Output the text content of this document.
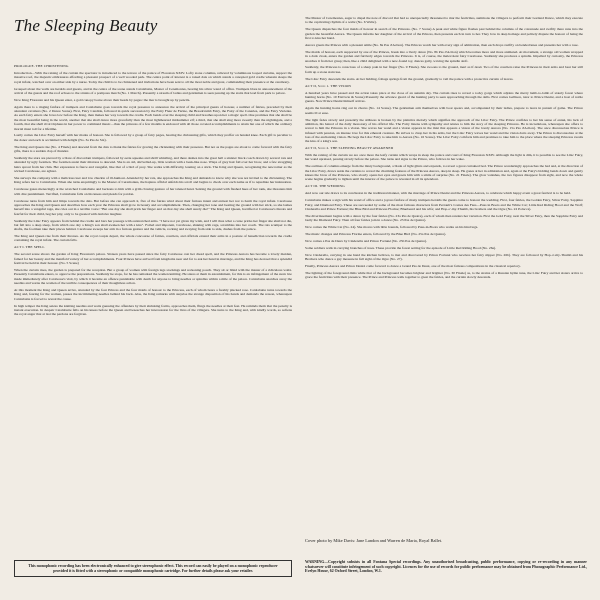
The Sleeping Beauty

PROLOGUE. THE CHRISTENING

Introduction—With the raising of the curtain the spectator is introduced to the terrace of the palace of Florestan XXIV. Lofty stone columns, relieved by voluminous looped curtains, support the massive roof, the majestic embrasures affording a pleasant prospect of a well wooded park. The centre point of interest is a raised dais on which stands a canopied gold cradle wherein sleeps the royal infant, watched over on either side by a nurse. Today the child is to be christened and invitations have been sent to all the most noble and great, commanding their presence at the ceremony.

Grouped about the walls are heralds and guests, and in the centre of the scene stands Catalabutte, Master of Ceremonies, bearing his silver wand of office. Trumpets blare in announcement of the arrival of the guests and the roof echoes to the strains of a pompous march (No. 1 March). Presently a stream of ladies and gentlemen is seen passing up the stairs that lead from park to palace.

Now King Florestan and his Queen enter, a gold canopy borne above their heads by pages: the mar is brought up by pencils.

Again there is a ringing fanfare of trumpets and Catalabutte goes towards the royal presence to announce the arrival of the principal guests of honour, a number of fairies, preceded by their attendant cavaliers (No. 2 Dance Scene). First, Fairy Candide, followed in quick succession by the Fairy Fleur de Farine, the Breadcrumb Fairy, the Fairy of the Canaries, and the Fairy Violente. As each fairy enters she bows low before the King, then makes her way towards the cradle. Each bends over the sleeping child and breathes upon her a magic spell. One promises that she shall be the most beautiful being in the world, another that she shall dance more gracefully than the most lighthearted midsummer elf; a third, that she shall sing more sweetly than the nightingale, and a fourth, that she shall rival Orpheus in her power to command music—thus the princess of a few months is endowed with all those coveted accomplishments to attain but one of which the ordinary mortal must toil for a lifetime.

Lastly comes the Lilac Fairy herself with her marks of honour. She is followed by a group of fairy pages, bearing the christening gifts, which they proffer on bended knee. Each gift is peculiar to the donor and each is acclaimed with delight (No. 3a Pas de Six).

The King and Queen rise (No. 4 Finale) and descend from the dais to thank the fairies for gracing the christening with their presence. But not as the pages are about to come forward with the fairy gifts, there is a sudden clap of thunder.

Suddenly the stars are pierced by a blare of discordant trumpets, followed by eerie squeaks and shrill whistling, and there dashes into the great hall a sinister black coach drawn by several rats and attended by ugly footmen. The footmen assist their mistress to descend. She is an old, shrivelled-up, little woman with a beak-like nose. Wisps of grey hair fall over her brow, and a few straggling hairs sprout from her chin. Her expression is fierce and vengeful, like that of a bird of prey. She walks with difficulty, leaning on a stick. The King and Queen, recognising the newcomer as the wicked Carabosse, are aghast.

She surveys the company with a malicious leer and low chuckle of ill-humour. Attended by her rats, she approaches the King and demands to know why she was not invited to the christening. The King refers her to Catalabutte. When she turns enquiringly to the Master of Ceremonies, the hapless official unfolds his scroll and begins to check over each name as if to repudiate her insinuation.

Carabosse gazes menacingly at the wretched Catalabutte and beckons to him with a grim clawing gesture of her talened hand. Seizing the ground with fleshed hues of her rank, she threatens him with dire punishment. Terrified, Catalabutte falls on his knees and pleads for pardon.

Carabosse turns from him and limps towards the dais. But before she can approach it, five of the fairies wind about their furious intent and entreat her not to harm the royal infant. Carabosse approaches the King and Queen and describes how each year the Princess shall grow in beauty and accomplishment. Then, changing her tone and beating the ground with her stick, so she lashes herself into a vengeful rage, she cries out in a terrible voice: "But one day she shall prick her finger and on that day she shall surely die!" The King and Queen, horrified at Carabosse's threats and fearful for their child, beg her pity, only to be greeted with derisive laughter.

Suddenly the Lilac Fairy appears from behind the cradle and bars her passage with outstretched arms. "I have not yet given my wish, and I will thus what a curse pricks her finger she shall not die, but fall into a deep sleep, from which one day a King's son shall awaken her with a kiss". Foiled and impotent, Carabosse, shaking with rage, scrambles into her coach. The rats scamper to the shafts, the footmen take their places behind. Carabosse sweeps her arm in a furious gesture and the vehicle, rocking and swaying from side to side, dashes from the palace.

The King and Queen rise from their thrones. As the royal couple depart, the whole concourse of fairies, courtiers, and officials extend their arms in a posture of benediction towards the cradle containing the royal infant. The curtain falls.

ACT I. THE SPELL

The second scene shows the garden of King Florestan's palace. Sixteen years have passed since the fairy Carabosse cast her dread spell, and the Princess Aurora has become a lovely maiden, famed for her beauty and the manifold variety of her accomplishments. Four Princes have arrived from kingdoms near and far to ask her hand in marriage, and the King has decreed that a splendid festival be held in their honour. (No. 5 Scene)

When the curtain rises, the garden is prepared for the reception. But a group of women with foreign legs stockings and reckoning pouch. They sit or blind with the master of a ridiculous waltz. Presently Catalabutte enters, to approve the preparations. Suddenly he stops, for he has remarked the women knitting. He stares at them in astonishment, for this is an infringement of the stern law made immediately after Carabosse's visit, by which it became an offence punishable with death for anyone to bring needles or spindles within a mile of the palace. Catalabutte snatches away the needles and warns the women of the terrible consequences of their thoughtless action.

At this moment the King and Queen arrive, attended by the four Princes and the four maids of honour to the Princess, each of whom bears a freshly plucked rose. Catalabutte turns towards the King and, fearing for the women, passes the incriminating needles behind his back. Alas, the King remarks with surprise the strange disposition of his hands and demands the reason, whereupon Catalabutte is forced to reveal the cause.

In high temper the King seizes the knitting needles and waits guessing the offenders by their shrinking forms, approaches them, flings the needles at their feet. He reminds them that the penalty is instant execution. In despair Catalabutte falls on his knees before the Queen and beseeches her intercession for the lives of the villagers. She turns to the King and, with kindly words, so softens the royal anger that at last the pardons are forgiven.

The Master of Ceremonies, eager to dispel the note of discord that had so unexpectedly threatened to mar the festivities, summons the villagers to perform their Garland Dance, which they execute to the captivating rhythm of a waltz (No. 6 Waltz).

The Queen dispatches the four maids of honour in search of the Princess. (No. 7 Scene) A peak and white figure flashes past behind the columns of the colonnade and swiftly there runs into the garden the beautiful Aurora. The Queen informs her daughter of the arrival of the Princes, then presents each in turn to her. They bow in deep homage and politely dispute the honour of being the first to kiss her hand.

Aurora greets the Princes with a pleasant smile (No. 8a Pas d'Action). The Princes watch her with every sign of admiration, then each drops swiftly on bended knee and presents her with a rose.

The maids of honour, each supported by one of the Princes, break into a lively dance (No. 8b Pas d'Action) which becomes more and more animated. At movement, a strange old woman wrapped in a dark cloak, enters the garden and furtively edges towards the Princess. It is, of course, the malevolent fairy Carabosse. Suddenly she produces a spindle. Impelled by curiosity, the Princess snatches it from her grasp; then, like a child delighted with a new-found toy, dances gaily, waving the spindle aloft.

Suddenly, the Princess is conscious of a sharp pain in her finger (No. 9 Finale). She swoons to the ground, inert as if dead. Two of the courtiers raise the Princess in their arms and bear her still form up a stone staircase.

The Lilac Fairy descends the stairs. At her bidding, foliage springs from the ground, gradually to veil the palace with a protective curtain of leaves.

ACT II, Scene 1. THE VISION

A hundred years have passed and the action takes place at the close of an autumn day. The curtain rises to reveal a rocky gorge which adjoins the merry lamb-to-lamb of stately forest where hunting horns (No. 10 Entr'acte & Scene) Presently the advance guard of the hunting party is seen approaching through the dells. First comes Gallison, tutor to Prince Desiré, and a host of noble guests. Now Prince Desiré himself arrives.

Again the hunting horns ring out in chorus (No. 14 Scene). The gentlemen arm themselves with boar spears and, accompanied by their ladies, prepare to leave in pursuit of game. The Prince seems ill at ease.

The light fades slowly and presently the stillness is broken by the plaintive melody which signifies the approach of the Lilac Fairy. The Prince confides to her his sense of ennui, his lack of ambition, his hatred of the daily monotony of his official life. The Fairy listens with sympathy and relates to him the story of the sleeping Princess. He is incredulous, whereupon she offers to reveal to him the Princess in a vision. She waves her wand and a vision appears in the mist that appears a vision of the lovely Aurora (No. 15a Pas d'Action). The once disconsolate Prince is infused with passion, an intense love for this ethereal creature. He strives to clasp her in his arms, but the Lilac Fairy waves her wand and the vision darts away. The Prince is disconsolate at the loss of the enchanting vision. He begs the Lilac Fairy to take him to Aurora (No. 16 Scene). The Lilac Fairy comforts him and promises to take him to the place where the sleeping Princess awaits the kiss of a king's son.

ACT II, Scene 2. THE SLEEPING BEAUTY AWAKENED

With the raising of the curtain we are once more the leafy curtain which wraps in sleep the palace and court of King Florestan XXIV. Although the light is dim, it is possible to see the Lilac Fairy, her wand upraised, passing slowly before the palace. She turns and signs to the Prince, who follows in her wake.

The outlines of columns emerge from the misty background, a blade of light glints and expands, to reveal a great curtained bed. The Prince wonderingly approaches the bed and, at the direction of the Lilac Fairy, draws aside the curtains to reveal the charming features of the Princess Aurora, deep in sleep. He gazes at her in admiration and, again at the Fairy's bidding bends down and gently kisses the brow of the Princess, who slowly opens her eyes and greets him with a smile of surprise (No. 21 Finale). The glow vanishes, the two figures disappear from sight, and now the whole scene begins gradually to lighten until the interior of the palace is revealed in all its splendour.

ACT III. THE WEDDING

And now our tale draws to its conclusion in the traditional manner, with the marriage of Prince Desiré and the Princess Aurora, to celebrate which happy event a great festival is to be held.

Catalabutte makes a sign with his wand of office and a joyous fanfare of many trumpets heralds the guests come to honour the wedding. First, four fairies, the Golden Fairy, Silver Fairy, Sapphire Fairy, and Diamond Fairy. These are succeeded by some of the most famous characters from Perrault's Contes des Fées—Puss in Boots and the White Cat; Little Red Riding Hood and the Wolf; Cinderella and Prince Fortuné; the Blue Bird and Princess Florine; Bluebeard and his wife; and Hop-o'-my-Thumb, his brothers and the Ogre (No. 22 Polacca).

The divertissement begins with a dance by the four fairies (No. 23a Pas de Quatre), each of whom then renders her variation. First the Gold Fairy, next the Silver Fairy, then the Sapphire Fairy and lastly the Diamond Fairy. Then all four fairies join in a dance (No. 23 Pas de Quatre).

Now comes the White Cat (No. 24). She moves with little bounds, followed by Puss-in-Boots who walks on his hind legs.

The music changes and Princess Florine enters, followed by the Blue Bird (No. 25a Pas de Quatre).

Now comes a Pas de Deux by Cinderella and Prince Fortuné (No. 25b Pas de Quatre).

Some soldiers walk in carrying branches of trees. These provide the forest setting for the episode of Little Red Riding Hood (No. 26a).

Now Cinderella, carrying in one hand the kitchen bellows, is met and discovered by Prince Fortuné who receives her fairy slipper (No. 26b). They are followed by Hop-o'-my-Thumb and his Brothers who dance a gay measure in full sight of the Ogre (No. 27).

Finally, Princess Aurora and Prince Desiré come forward to dance a Grand Pas de Deux, one of the most famous compositions in the classical repertory.

The lighting of the foreground dims while that of the background becomes brighter and brighter (No. 30 Finale) as, to the strains of a Russian hymn tune, the Lilac Fairy and her sisters arrive to grace the festivities with their presence. The Prince and Princess walk together to greet the fairies, and the curtain slowly descends.

Cover photo by Mike Davis: Jane Landon and Warren de Maria, Royal Ballet.
This monophonic recording has been electronically enhanced to give stereophonic effect. This record can easily be played on a monophonic reproducer provided it is fitted with a stereophonic or compatible monophonic cartridge. For further details please ask your retailer.
WARNING—Copyright subsists in all Fontana Special recordings. Any unauthorised broadcasting, public performance, copying or re-recording in any manner whatsoever will constitute infringement of such copyright. Licences for the use of records for public performance may be obtained from Phonographic Performance Ltd., Evelyn House, 62 Oxford Street, London, W.1.
